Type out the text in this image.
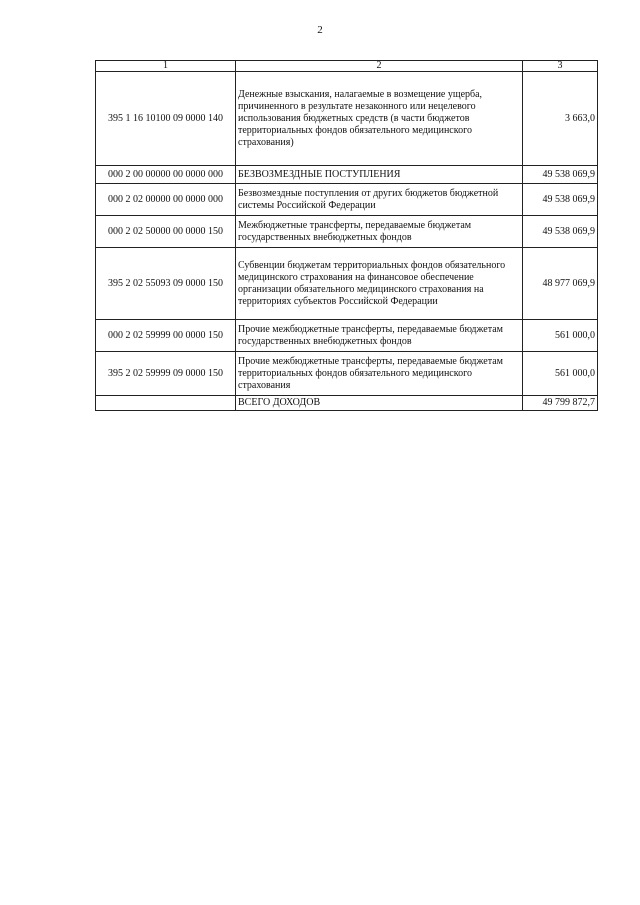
2
1	2	3
395 1 16 10100 09 0000 140	Денежные взыскания, налагаемые в возмещение ущерба, причиненного в результате незаконного или нецелевого использования бюджетных средств (в части бюджетов территориальных фондов обязательного медицинского страхования)	3 663,0
000 2 00 00000 00 0000 000	БЕЗВОЗМЕЗДНЫЕ ПОСТУПЛЕНИЯ	49 538 069,9
000 2 02 00000 00 0000 000	Безвозмездные поступления от других бюджетов бюджетной системы Российской Федерации	49 538 069,9
000 2 02 50000 00 0000 150	Межбюджетные трансферты, передаваемые бюджетам государственных внебюджетных фондов	49 538 069,9
395 2 02 55093 09 0000 150	Субвенции бюджетам территориальных фондов обязательного медицинского страхования на финансовое обеспечение организации обязательного медицинского страхования на территориях субъектов Российской Федерации	48 977 069,9
000 2 02 59999 00 0000 150	Прочие межбюджетные трансферты, передаваемые бюджетам государственных внебюджетных фондов	561 000,0
395 2 02 59999 09 0000 150	Прочие межбюджетные трансферты, передаваемые бюджетам территориальных фондов обязательного медицинского страхования	561 000,0
	ВСЕГО ДОХОДОВ	49 799 872,7
